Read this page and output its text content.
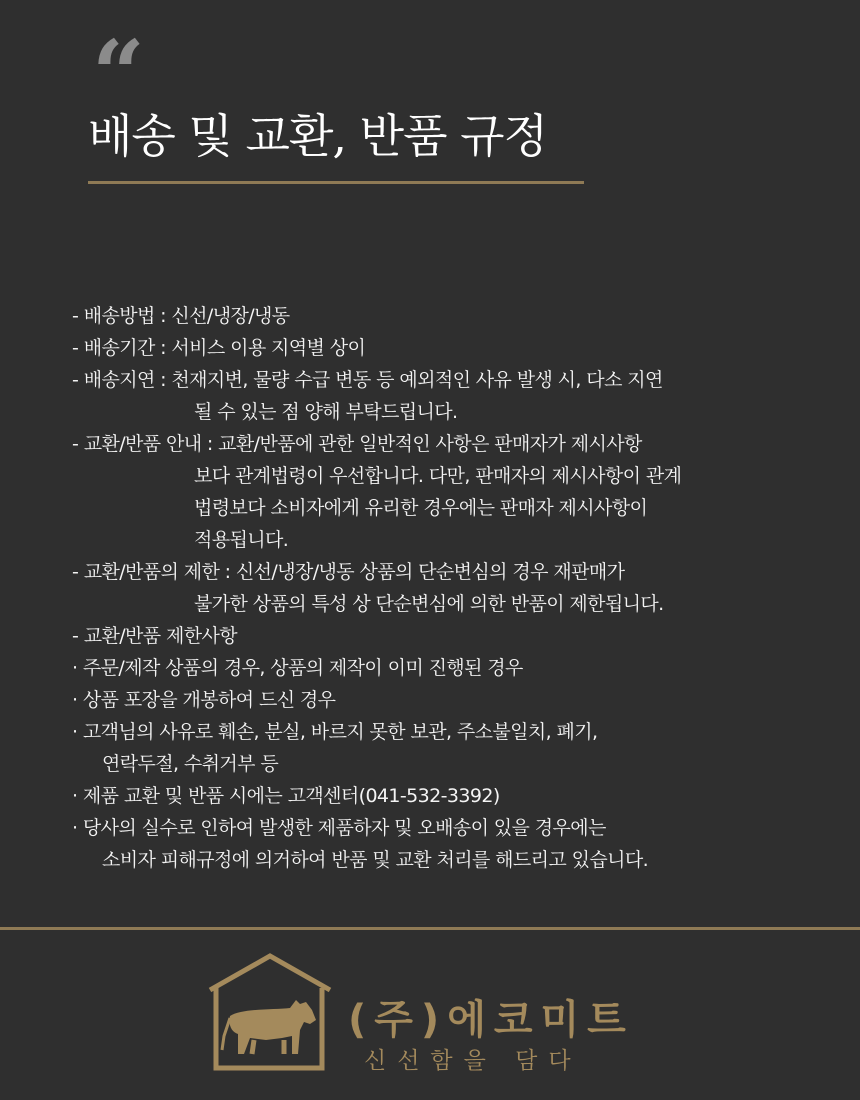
“
배송 및 교환, 반품 규정
- 배송방법 : 신선/냉장/냉동
- 배송기간 : 서비스 이용 지역별 상이
- 배송지연 : 천재지변, 물량 수급 변동 등 예외적인 사유 발생 시, 다소 지연
될 수 있는 점 양해 부탁드립니다.
- 교환/반품 안내 : 교환/반품에 관한 일반적인 사항은 판매자가 제시사항
보다 관계법령이 우선합니다. 다만, 판매자의 제시사항이 관계
법령보다 소비자에게 유리한 경우에는 판매자 제시사항이
적용됩니다.
- 교환/반품의 제한 : 신선/냉장/냉동 상품의 단순변심의 경우 재판매가
불가한 상품의 특성 상 단순변심에 의한 반품이 제한됩니다.
- 교환/반품 제한사항
· 주문/제작 상품의 경우, 상품의 제작이 이미 진행된 경우
· 상품 포장을 개봉하여 드신 경우
· 고객님의 사유로 훼손, 분실, 바르지 못한 보관, 주소불일치, 폐기,
연락두절, 수취거부 등
· 제품 교환 및 반품 시에는 고객센터(041-532-3392)
· 당사의 실수로 인하여 발생한 제품하자 및 오배송이 있을 경우에는
소비자 피해규정에 의거하여 반품 및 교환 처리를 해드리고 있습니다.
(주)에코미트
신선함을 담다
